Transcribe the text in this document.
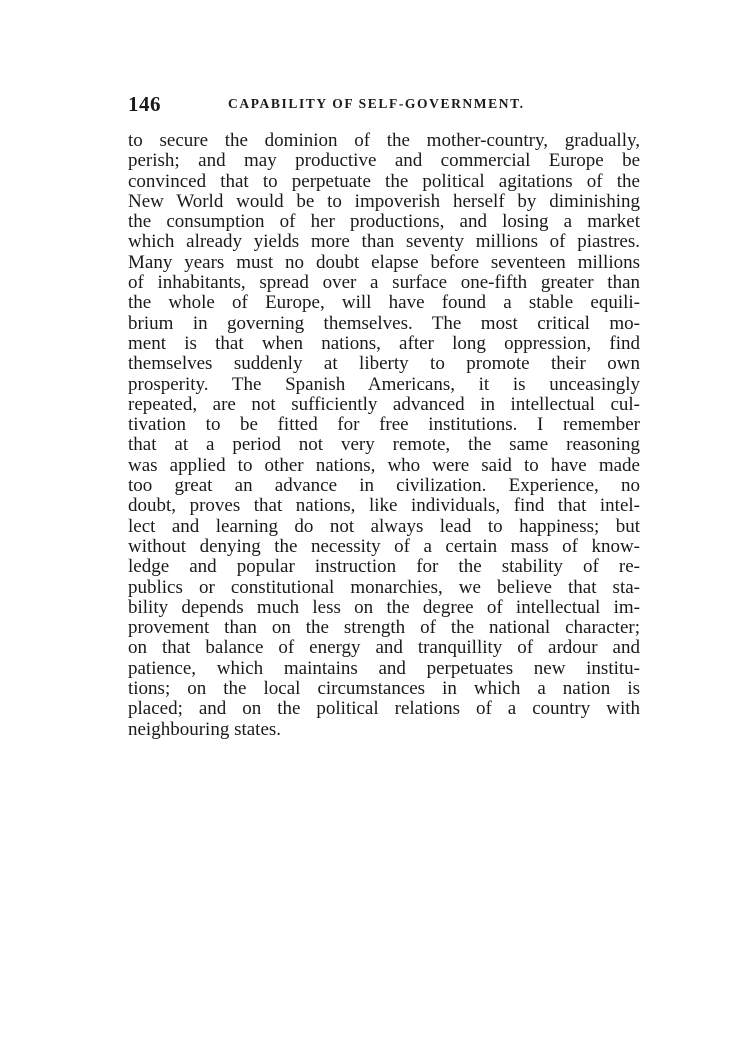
146	CAPABILITY OF SELF-GOVERNMENT.
to secure the dominion of the mother-country, gradually,
perish; and may productive and commercial Europe be
convinced that to perpetuate the political agitations of the
New World would be to impoverish herself by diminishing
the consumption of her productions, and losing a market
which already yields more than seventy millions of piastres.
Many years must no doubt elapse before seventeen millions
of inhabitants, spread over a surface one-fifth greater than
the whole of Europe, will have found a stable equili-
brium in governing themselves. The most critical mo-
ment is that when nations, after long oppression, find
themselves suddenly at liberty to promote their own
prosperity. The Spanish Americans, it is unceasingly
repeated, are not sufficiently advanced in intellectual cul-
tivation to be fitted for free institutions. I remember
that at a period not very remote, the same reasoning
was applied to other nations, who were said to have made
too great an advance in civilization. Experience, no
doubt, proves that nations, like individuals, find that intel-
lect and learning do not always lead to happiness; but
without denying the necessity of a certain mass of know-
ledge and popular instruction for the stability of re-
publics or constitutional monarchies, we believe that sta-
bility depends much less on the degree of intellectual im-
provement than on the strength of the national character;
on that balance of energy and tranquillity of ardour and
patience, which maintains and perpetuates new institu-
tions; on the local circumstances in which a nation is
placed; and on the political relations of a country with
neighbouring states.
